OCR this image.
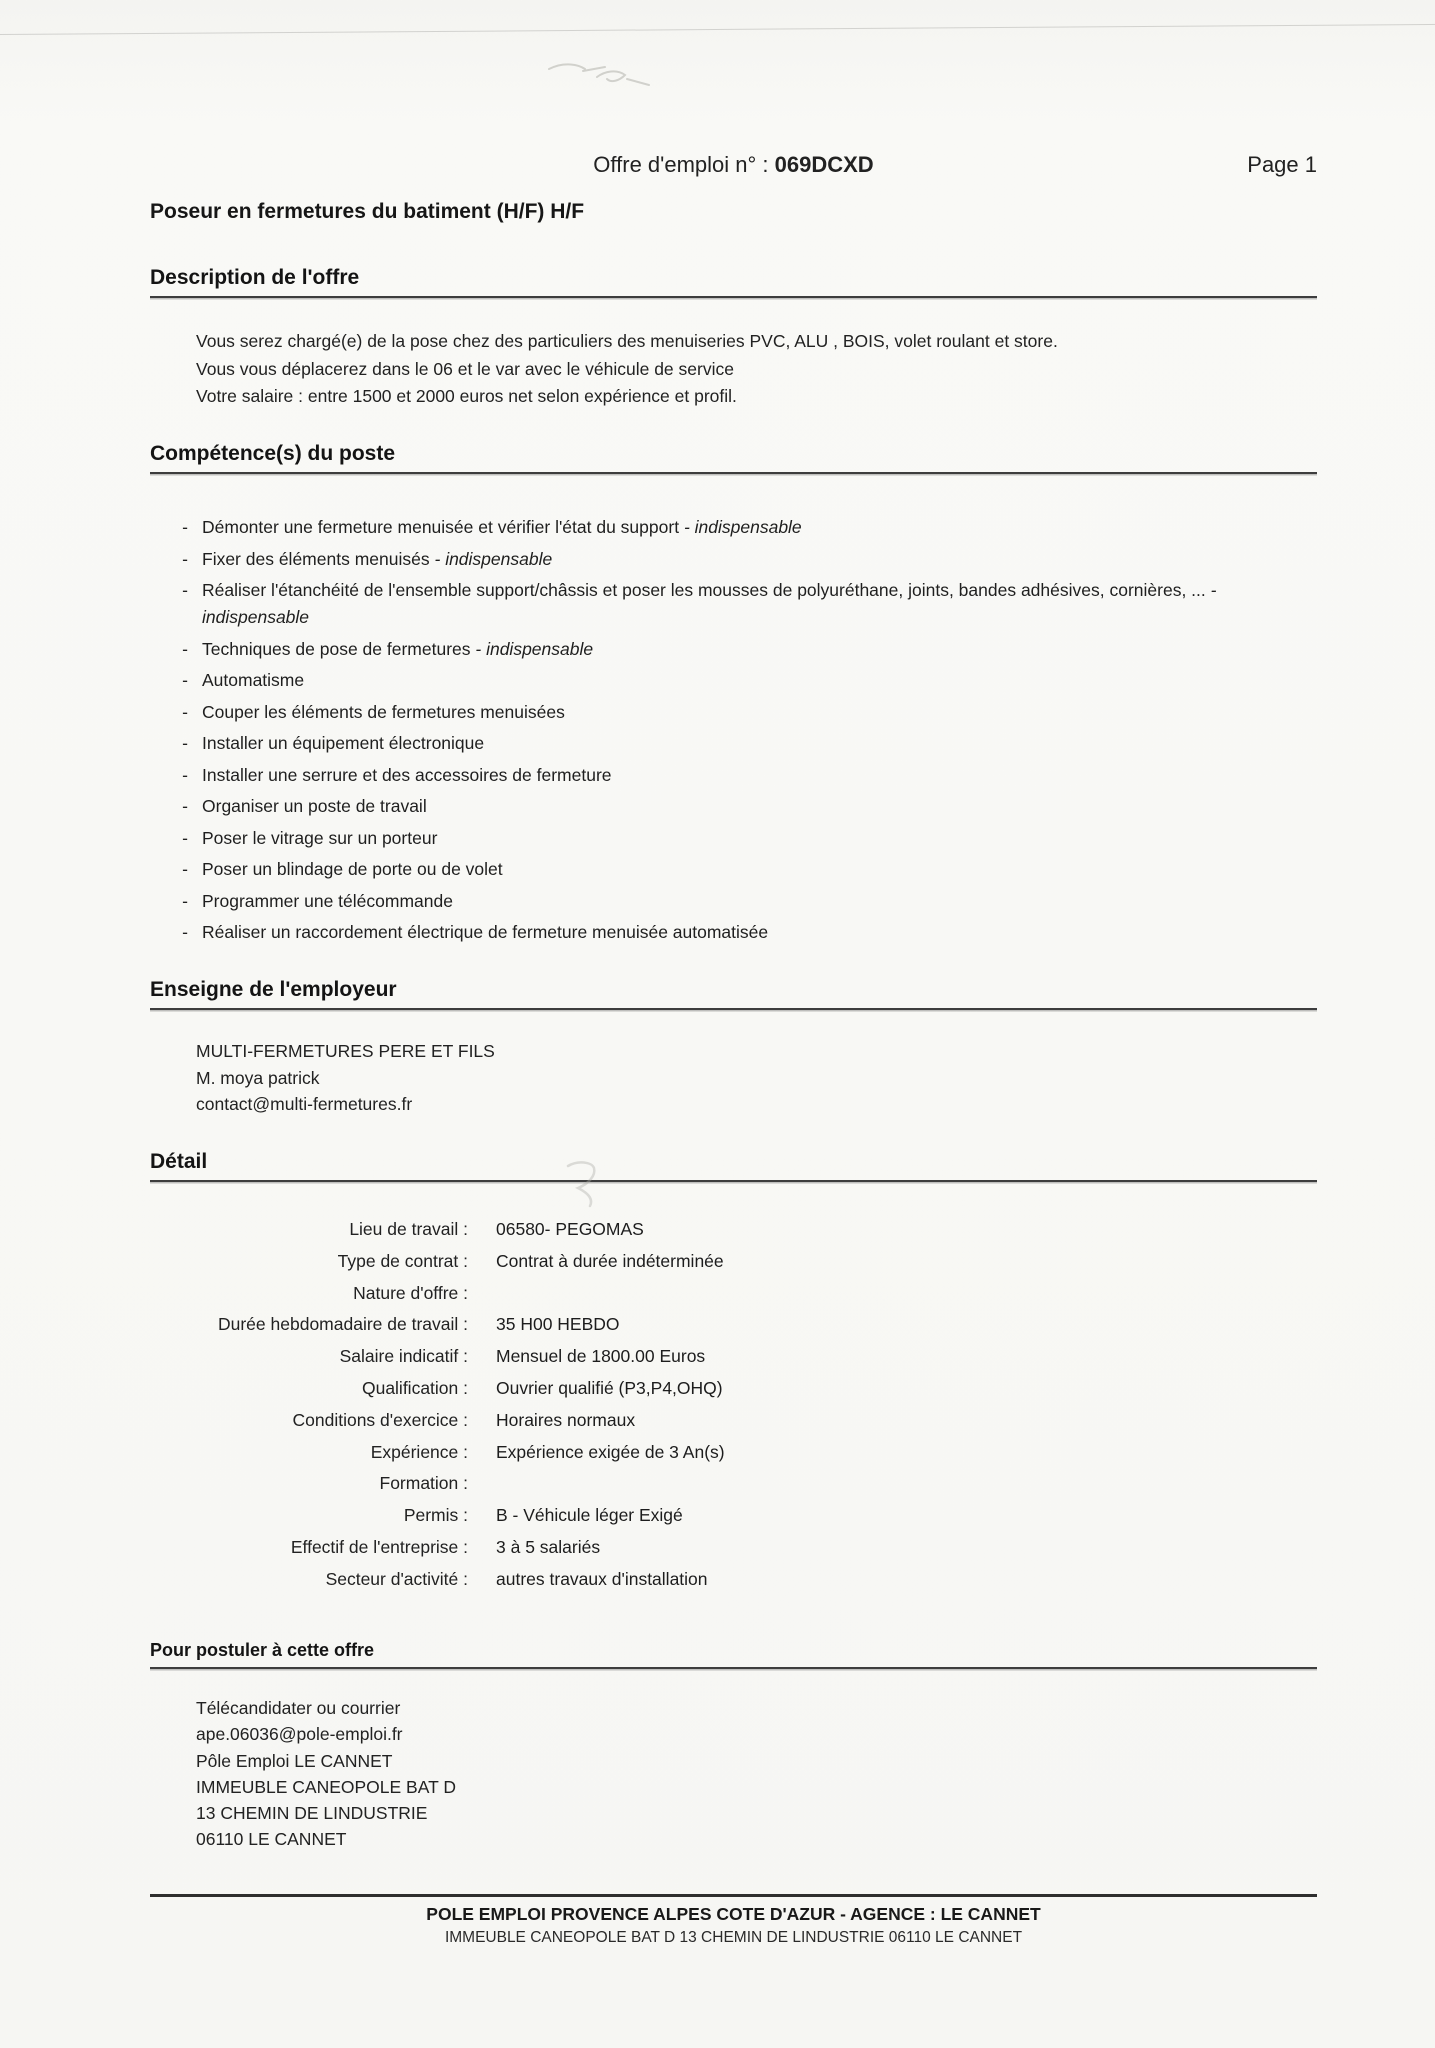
Offre d'emploi n° : 069DCXD	Page 1
Poseur en fermetures du batiment (H/F) H/F
Description de l'offre
Vous serez chargé(e) de la pose chez des particuliers des menuiseries PVC, ALU , BOIS, volet roulant et store.
Vous vous déplacerez dans le 06 et le var avec le véhicule de service
Votre salaire : entre 1500 et 2000 euros net selon expérience et profil.
Compétence(s) du poste
- Démonter une fermeture menuisée et vérifier l'état du support - indispensable
- Fixer des éléments menuisés - indispensable
- Réaliser l'étanchéité de l'ensemble support/châssis et poser les mousses de polyuréthane, joints, bandes adhésives, cornières, ... - indispensable
- Techniques de pose de fermetures - indispensable
- Automatisme
- Couper les éléments de fermetures menuisées
- Installer un équipement électronique
- Installer une serrure et des accessoires de fermeture
- Organiser un poste de travail
- Poser le vitrage sur un porteur
- Poser un blindage de porte ou de volet
- Programmer une télécommande
- Réaliser un raccordement électrique de fermeture menuisée automatisée
Enseigne de l'employeur
MULTI-FERMETURES PERE ET FILS
M. moya patrick
contact@multi-fermetures.fr
Détail
Lieu de travail :	06580- PEGOMAS
Type de contrat :	Contrat à durée indéterminée
Nature d'offre :
Durée hebdomadaire de travail :	35 H00 HEBDO
Salaire indicatif :	Mensuel de 1800.00 Euros
Qualification :	Ouvrier qualifié (P3,P4,OHQ)
Conditions d'exercice :	Horaires normaux
Expérience :	Expérience exigée de 3 An(s)
Formation :
Permis :	B - Véhicule léger Exigé
Effectif de l'entreprise :	3 à 5 salariés
Secteur d'activité :	autres travaux d'installation
Pour postuler à cette offre
Télécandidater ou courrier
ape.06036@pole-emploi.fr
Pôle Emploi LE CANNET
IMMEUBLE CANEOPOLE BAT D
13 CHEMIN DE LINDUSTRIE
06110 LE CANNET
POLE EMPLOI PROVENCE ALPES COTE D'AZUR - AGENCE : LE CANNET
IMMEUBLE CANEOPOLE BAT D 13 CHEMIN DE LINDUSTRIE 06110 LE CANNET
